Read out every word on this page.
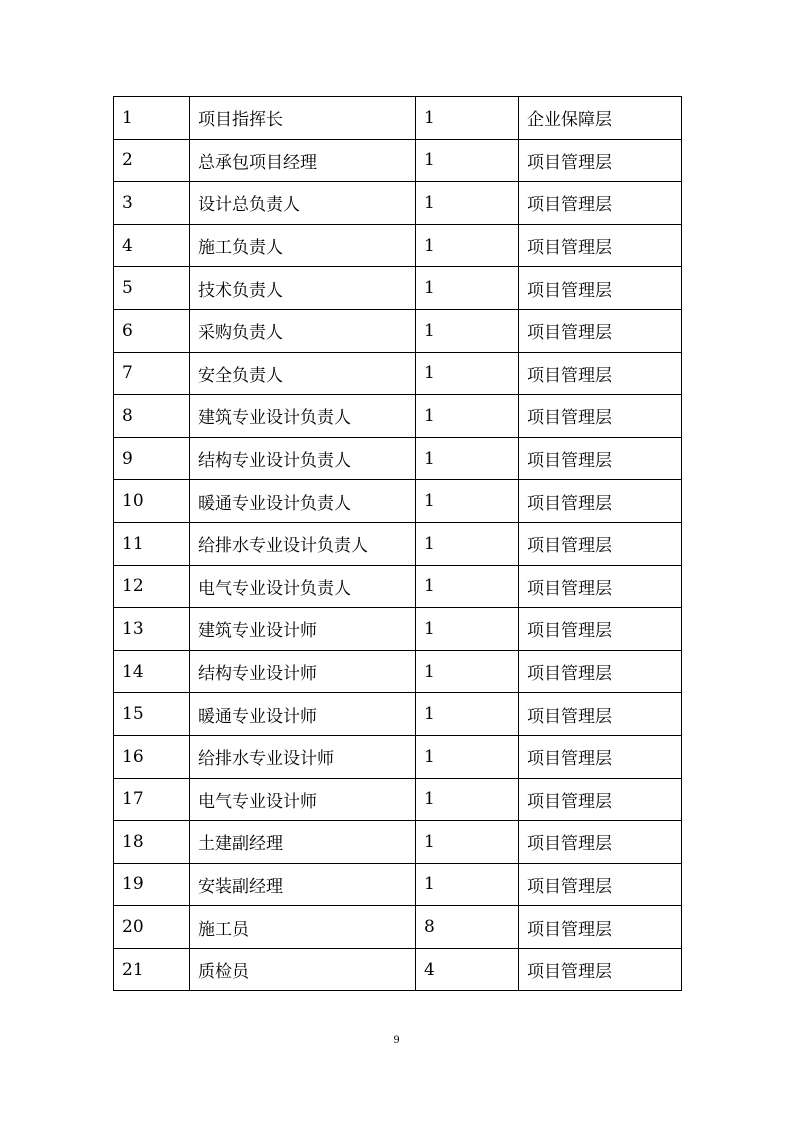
1	项目指挥长	1	企业保障层
2	总承包项目经理	1	项目管理层
3	设计总负责人	1	项目管理层
4	施工负责人	1	项目管理层
5	技术负责人	1	项目管理层
6	采购负责人	1	项目管理层
7	安全负责人	1	项目管理层
8	建筑专业设计负责人	1	项目管理层
9	结构专业设计负责人	1	项目管理层
10	暖通专业设计负责人	1	项目管理层
11	给排水专业设计负责人	1	项目管理层
12	电气专业设计负责人	1	项目管理层
13	建筑专业设计师	1	项目管理层
14	结构专业设计师	1	项目管理层
15	暖通专业设计师	1	项目管理层
16	给排水专业设计师	1	项目管理层
17	电气专业设计师	1	项目管理层
18	土建副经理	1	项目管理层
19	安装副经理	1	项目管理层
20	施工员	8	项目管理层
21	质检员	4	项目管理层
9
